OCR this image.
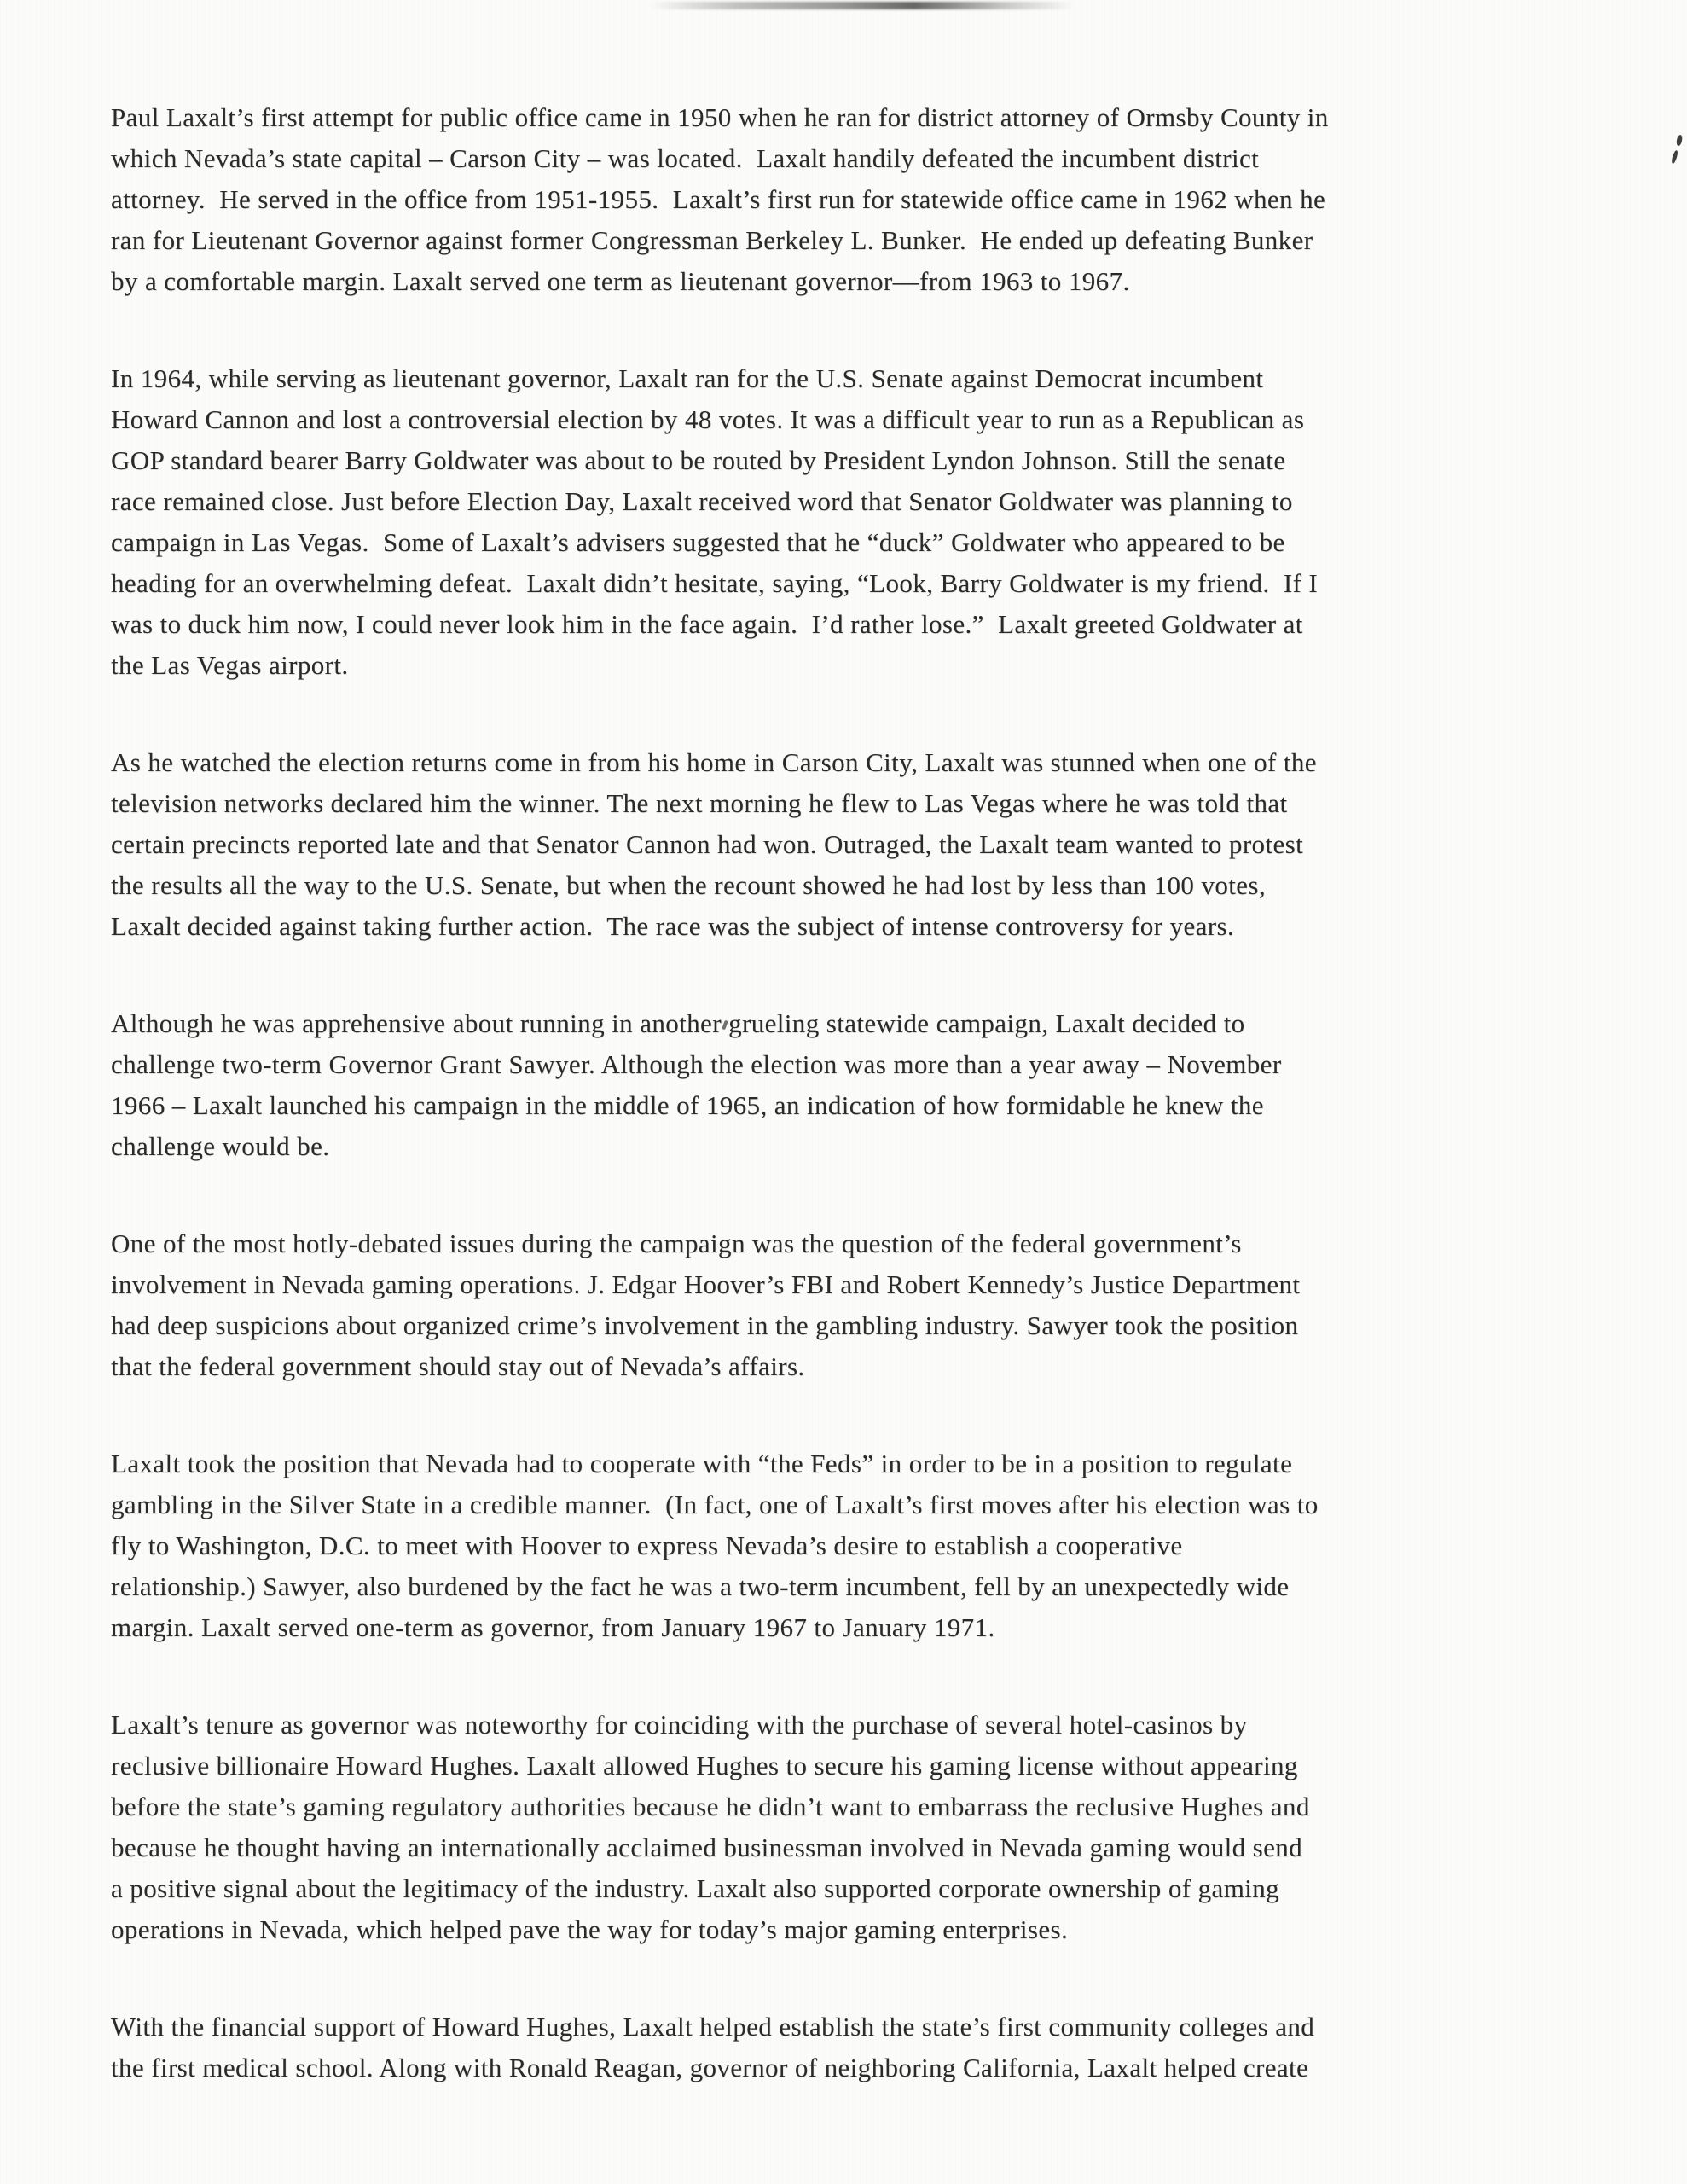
Paul Laxalt’s first attempt for public office came in 1950 when he ran for district attorney of Ormsby County in
which Nevada’s state capital – Carson City – was located.  Laxalt handily defeated the incumbent district
attorney.  He served in the office from 1951-1955.  Laxalt’s first run for statewide office came in 1962 when he
ran for Lieutenant Governor against former Congressman Berkeley L. Bunker.  He ended up defeating Bunker
by a comfortable margin. Laxalt served one term as lieutenant governor—from 1963 to 1967.

In 1964, while serving as lieutenant governor, Laxalt ran for the U.S. Senate against Democrat incumbent
Howard Cannon and lost a controversial election by 48 votes. It was a difficult year to run as a Republican as
GOP standard bearer Barry Goldwater was about to be routed by President Lyndon Johnson. Still the senate
race remained close. Just before Election Day, Laxalt received word that Senator Goldwater was planning to
campaign in Las Vegas.  Some of Laxalt’s advisers suggested that he “duck” Goldwater who appeared to be
heading for an overwhelming defeat.  Laxalt didn’t hesitate, saying, “Look, Barry Goldwater is my friend.  If I
was to duck him now, I could never look him in the face again.  I’d rather lose.”  Laxalt greeted Goldwater at
the Las Vegas airport.

As he watched the election returns come in from his home in Carson City, Laxalt was stunned when one of the
television networks declared him the winner. The next morning he flew to Las Vegas where he was told that
certain precincts reported late and that Senator Cannon had won. Outraged, the Laxalt team wanted to protest
the results all the way to the U.S. Senate, but when the recount showed he had lost by less than 100 votes,
Laxalt decided against taking further action.  The race was the subject of intense controversy for years.

Although he was apprehensive about running in another grueling statewide campaign, Laxalt decided to
challenge two-term Governor Grant Sawyer. Although the election was more than a year away – November
1966 – Laxalt launched his campaign in the middle of 1965, an indication of how formidable he knew the
challenge would be.

One of the most hotly-debated issues during the campaign was the question of the federal government’s
involvement in Nevada gaming operations. J. Edgar Hoover’s FBI and Robert Kennedy’s Justice Department
had deep suspicions about organized crime’s involvement in the gambling industry. Sawyer took the position
that the federal government should stay out of Nevada’s affairs.

Laxalt took the position that Nevada had to cooperate with “the Feds” in order to be in a position to regulate
gambling in the Silver State in a credible manner.  (In fact, one of Laxalt’s first moves after his election was to
fly to Washington, D.C. to meet with Hoover to express Nevada’s desire to establish a cooperative
relationship.) Sawyer, also burdened by the fact he was a two-term incumbent, fell by an unexpectedly wide
margin. Laxalt served one-term as governor, from January 1967 to January 1971.

Laxalt’s tenure as governor was noteworthy for coinciding with the purchase of several hotel-casinos by
reclusive billionaire Howard Hughes. Laxalt allowed Hughes to secure his gaming license without appearing
before the state’s gaming regulatory authorities because he didn’t want to embarrass the reclusive Hughes and
because he thought having an internationally acclaimed businessman involved in Nevada gaming would send
a positive signal about the legitimacy of the industry. Laxalt also supported corporate ownership of gaming
operations in Nevada, which helped pave the way for today’s major gaming enterprises.

With the financial support of Howard Hughes, Laxalt helped establish the state’s first community colleges and
the first medical school. Along with Ronald Reagan, governor of neighboring California, Laxalt helped create
